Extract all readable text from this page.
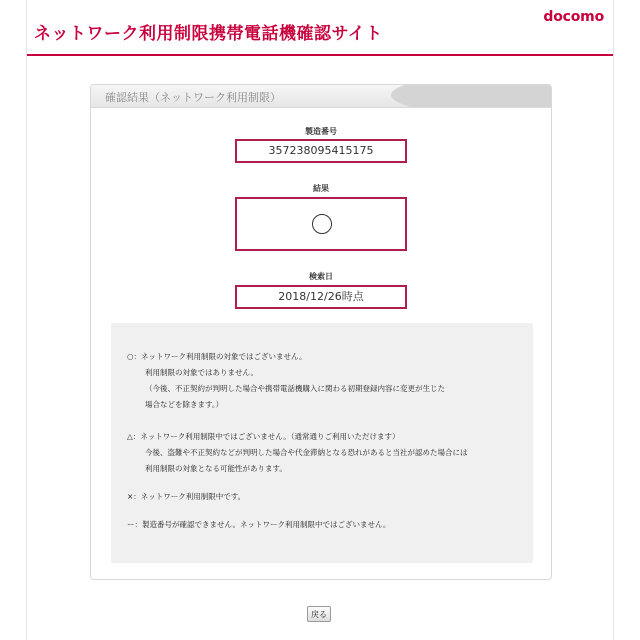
ネットワーク利用制限携帯電話機確認サイト
docomo
確認結果（ネットワーク利用制限）
製造番号
357238095415175
結果
検索日
2018/12/26時点
○：ネットワーク利用制限の対象ではございません。
利用制限の対象ではありません。
（今後、不正契約が判明した場合や携帯電話機購入に関わる初期登録内容に変更が生じた
場合などを除きます。）
△：ネットワーク利用制限中ではございません。（通常通りご利用いただけます）
今後、盗難や不正契約などが判明した場合や代金滞納となる恐れがあると当社が認めた場合には
利用制限の対象となる可能性があります。
×：ネットワーク利用制限中です。
ー：製造番号が確認できません。ネットワーク利用制限中ではございません。
戻る
